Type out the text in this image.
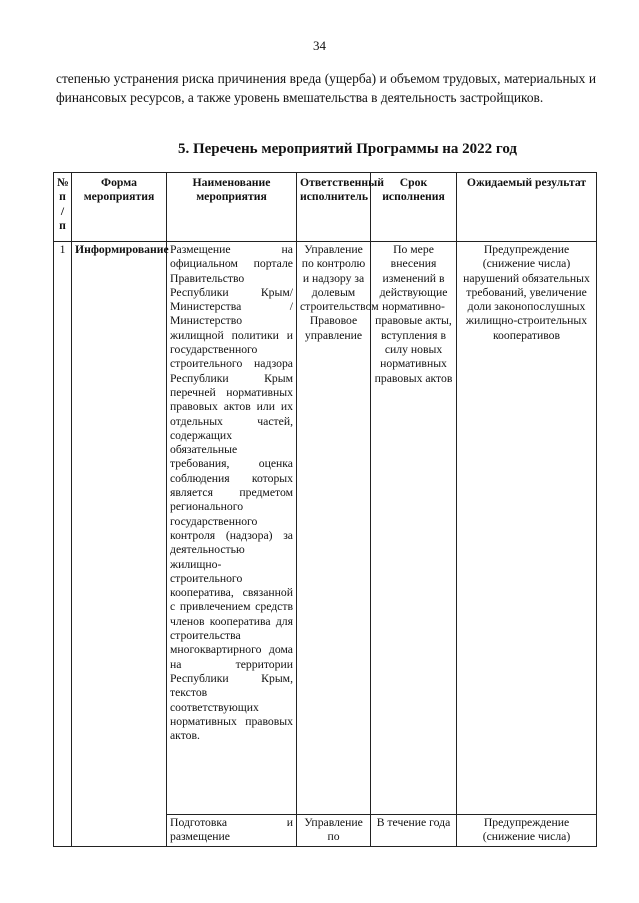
34
степенью устранения риска причинения вреда (ущерба) и объемом трудовых, материальных и финансовых ресурсов, а также уровень вмешательства в деятельность застройщиков.
5. Перечень мероприятий Программы на 2022 год
№ п / п	Форма мероприятия	Наименование мероприятия	Ответственный исполнитель	Срок исполнения	Ожидаемый результат
1	Информирование	Размещение на официальном портале Правительство Республики Крым/Министерства / Министерство жилищной политики и государственного строительного надзора Республики Крым перечней нормативных правовых актов или их отдельных частей, содержащих обязательные требования, оценка соблюдения которых является предметом регионального государственного контроля (надзора) за деятельностью жилищно-строительного кооператива, связанной с привлечением средств членов кооператива для строительства многоквартирного дома на территории Республики Крым, текстов соответствующих нормативных правовых актов.	Управление по контролю и надзору за долевым строительством Правовое управление	По мере внесения изменений в действующие нормативно-правовые акты, вступления в силу новых нормативных правовых актов	Предупреждение (снижение числа) нарушений обязательных требований, увеличение доли законопослушных жилищно-строительных кооперативов
		Подготовка и размещение	Управление по	В течение года	Предупреждение (снижение числа)
